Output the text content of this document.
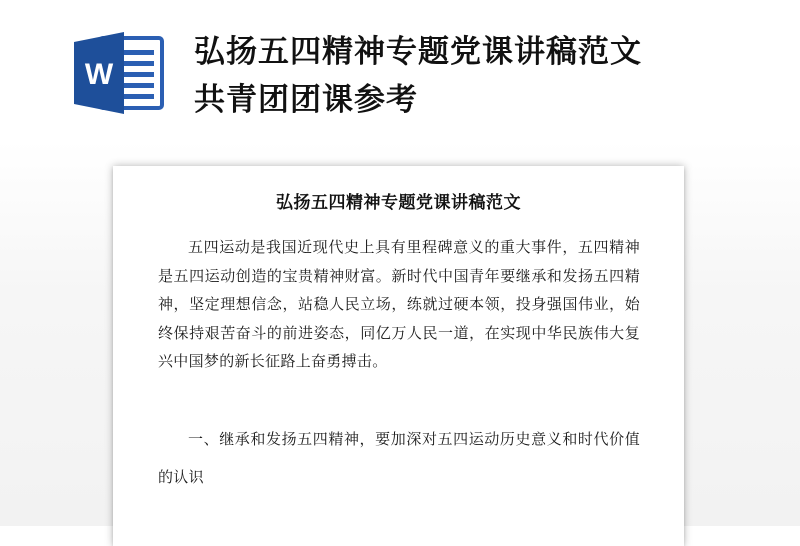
W
弘扬五四精神专题党课讲稿范文
共青团团课参考
弘扬五四精神专题党课讲稿范文
五四运动是我国近现代史上具有里程碑意义的重大事件，五四精神是五四运动创造的宝贵精神财富。新时代中国青年要继承和发扬五四精神，坚定理想信念，站稳人民立场，练就过硬本领，投身强国伟业，始终保持艰苦奋斗的前进姿态，同亿万人民一道，在实现中华民族伟大复兴中国梦的新长征路上奋勇搏击。
一、继承和发扬五四精神，要加深对五四运动历史意义和时代价值的认识
